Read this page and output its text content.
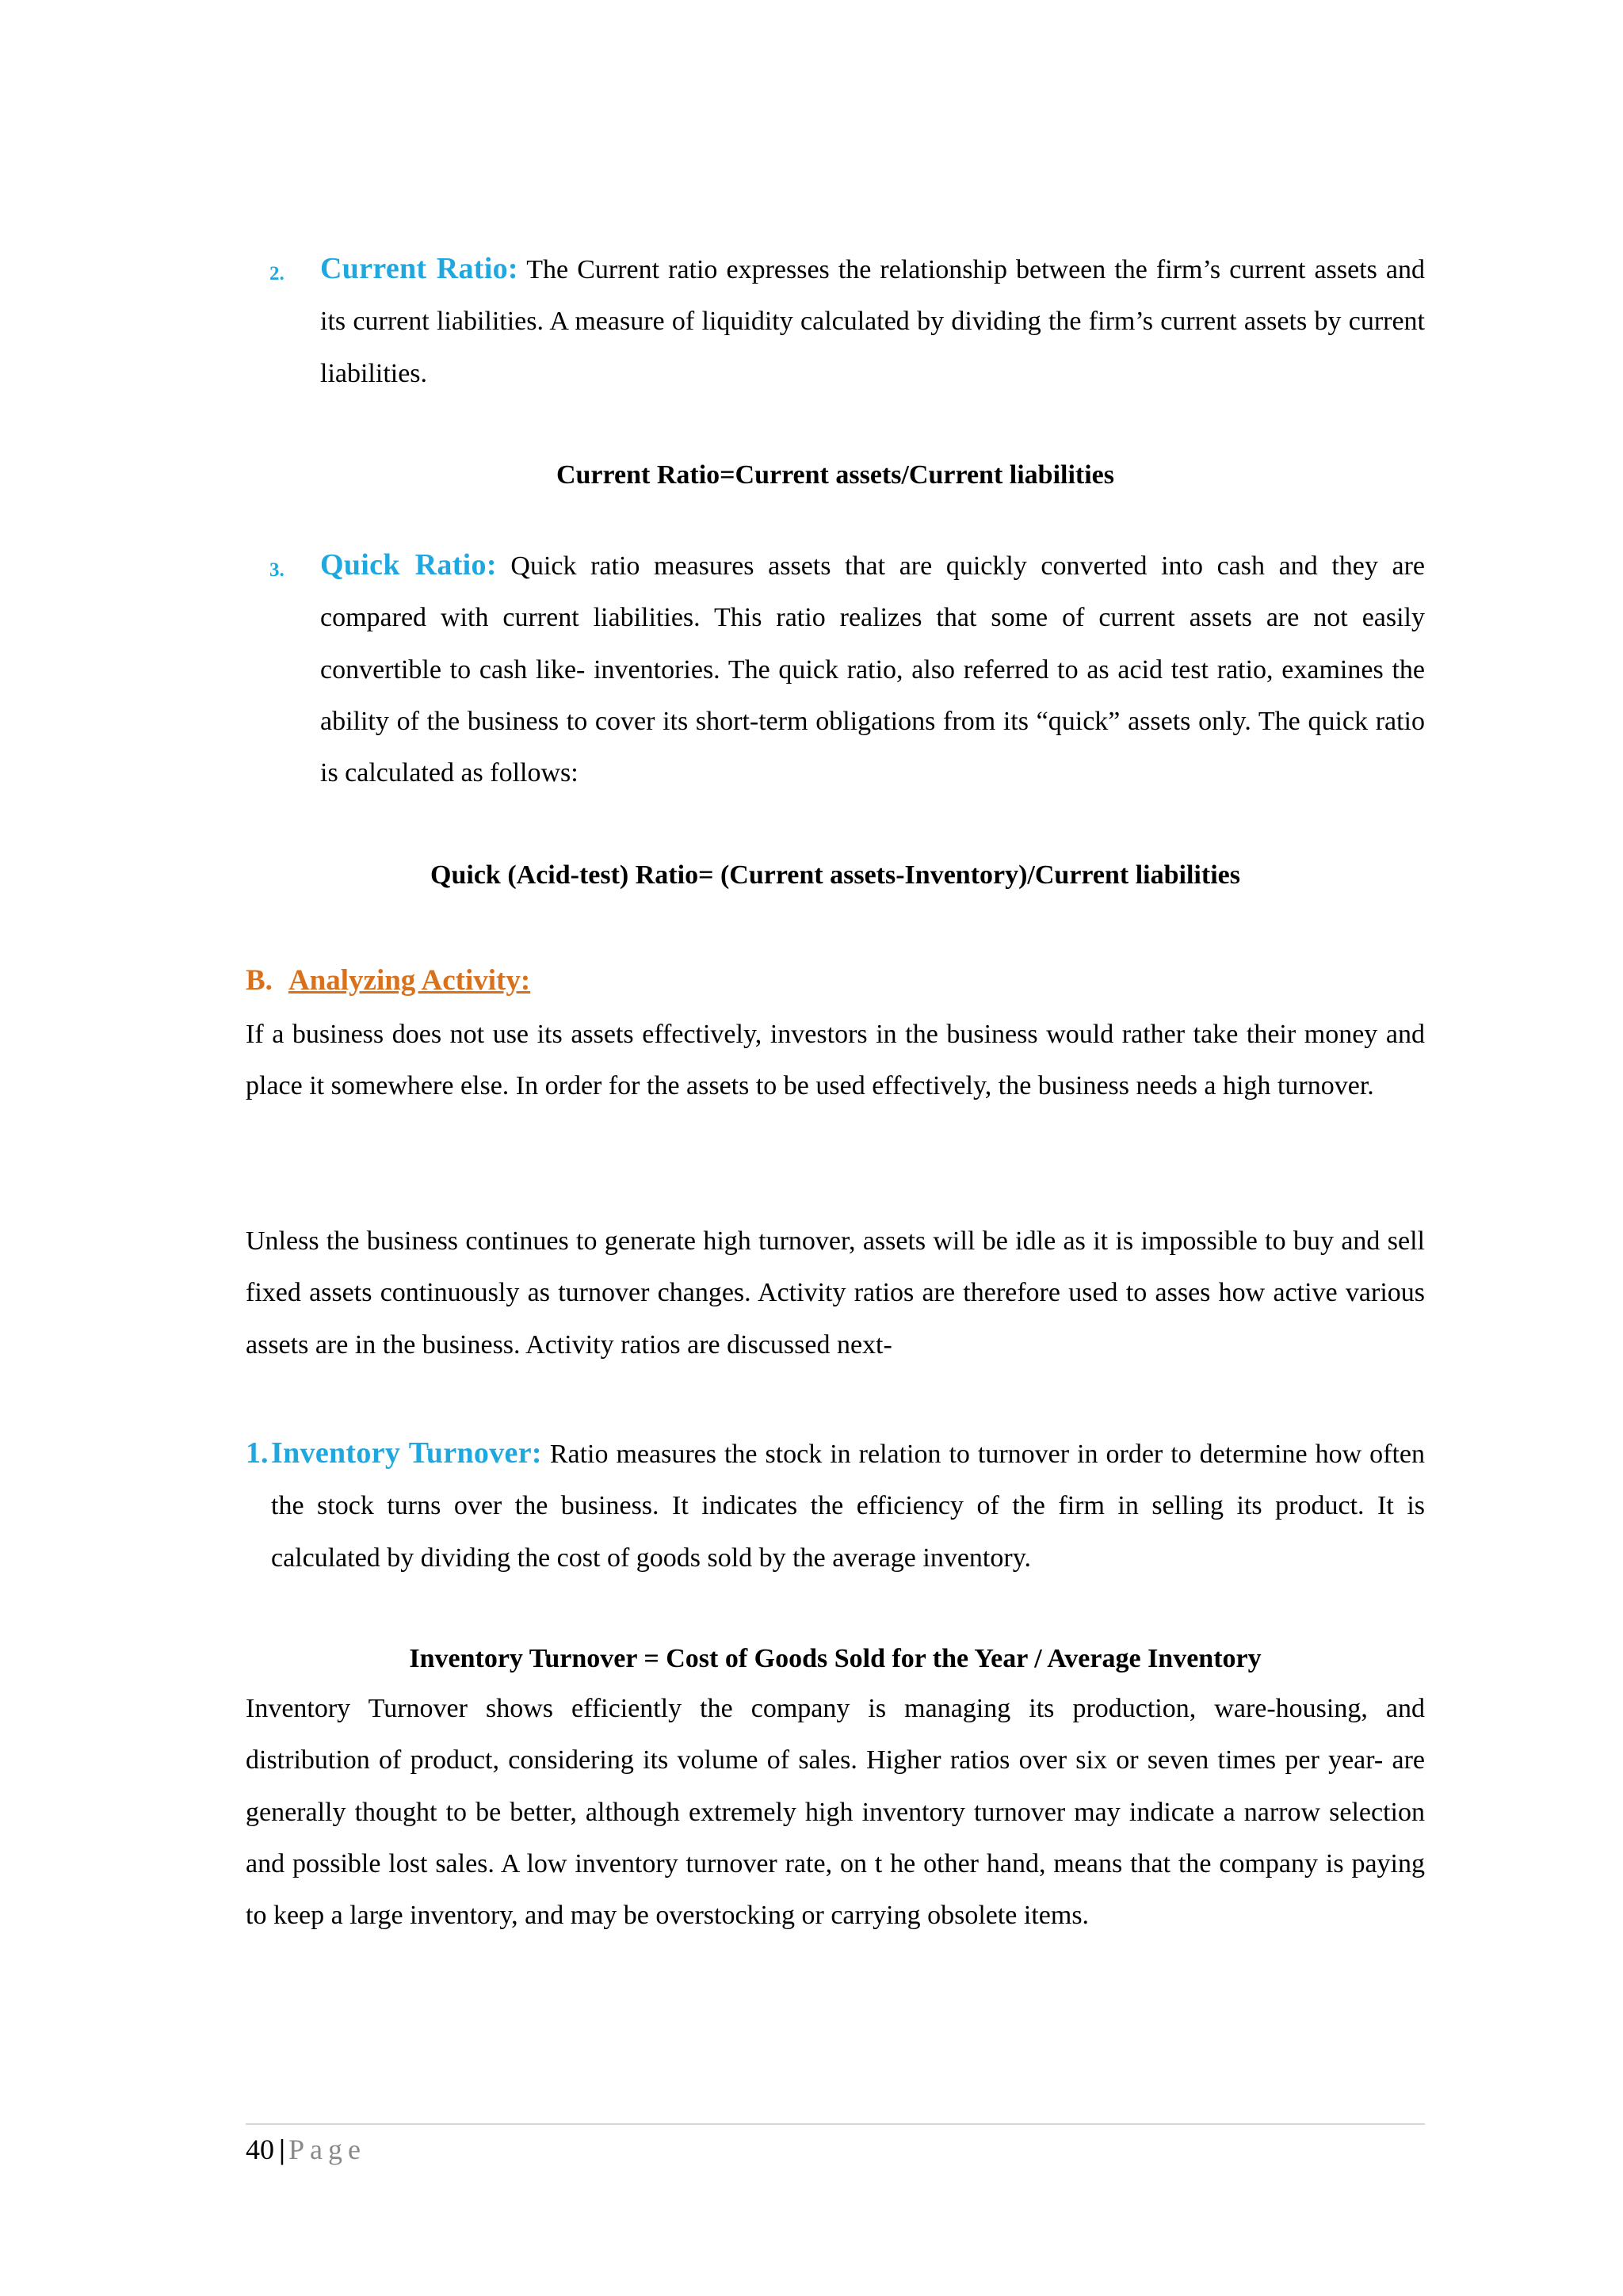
2. Current Ratio: The Current ratio expresses the relationship between the firm’s current assets and its current liabilities. A measure of liquidity calculated by dividing the firm’s current assets by current liabilities.
Current Ratio=Current assets/Current liabilities
3. Quick Ratio: Quick ratio measures assets that are quickly converted into cash and they are compared with current liabilities. This ratio realizes that some of current assets are not easily convertible to cash like- inventories. The quick ratio, also referred to as acid test ratio, examines the ability of the business to cover its short-term obligations from its “quick” assets only. The quick ratio is calculated as follows:
Quick (Acid-test) Ratio= (Current assets-Inventory)/Current liabilities
B. Analyzing Activity:
If a business does not use its assets effectively, investors in the business would rather take their money and place it somewhere else. In order for the assets to be used effectively, the business needs a high turnover.
Unless the business continues to generate high turnover, assets will be idle as it is impossible to buy and sell fixed assets continuously as turnover changes. Activity ratios are therefore used to asses how active various assets are in the business. Activity ratios are discussed next-
1. Inventory Turnover: Ratio measures the stock in relation to turnover in order to determine how often the stock turns over the business. It indicates the efficiency of the firm in selling its product. It is calculated by dividing the cost of goods sold by the average inventory.
Inventory Turnover = Cost of Goods Sold for the Year / Average Inventory
Inventory Turnover shows efficiently the company is managing its production, ware-housing, and distribution of product, considering its volume of sales. Higher ratios over six or seven times per year- are generally thought to be better, although extremely high inventory turnover may indicate a narrow selection and possible lost sales. A low inventory turnover rate, on t he other hand, means that the company is paying to keep a large inventory, and may be overstocking or carrying obsolete items.
40 | Page
